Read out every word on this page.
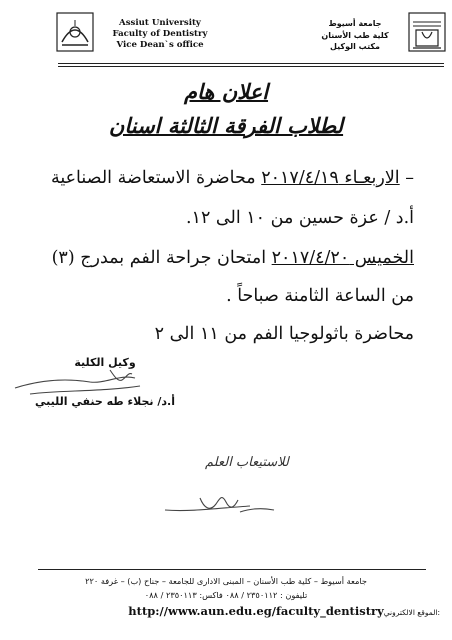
Assiut University
Faculty of Dentistry
Vice Dean`s office
جامعة أسيوط
كلية طب الأسنان
مكتب الوكيل
اعلان هام
لطلاب الفرقة الثالثة اسنان
– الاربعـاء ٢٠١٧/٤/١٩ محاضرة الاستعاضة الصناعية
أ.د / عزة حسين من ١٠ الى ١٢.
الخميس ٢٠١٧/٤/٢٠ امتحان جراحة الفم بمدرج (٣)
من الساعة الثامنة صباحاً .
محاضرة باثولوجيا الفم من ١١ الى ٢
وكيل الكلية
أ.د/ نجلاء طه حنفي الليبي
للاستيعاب العلم
جامعة أسيوط – كلية طب الأسنان – المبنى الادارى للجامعة – جناح (ب) – غرفة ٢٢٠
تليفون : ٢٣٥٠١١٢ / ٠٨٨ فاكس: ٢٣٥٠١١٣ / ٠٨٨
http://www.aun.edu.eg/faculty_dentistryالموقع الالكتروني:
